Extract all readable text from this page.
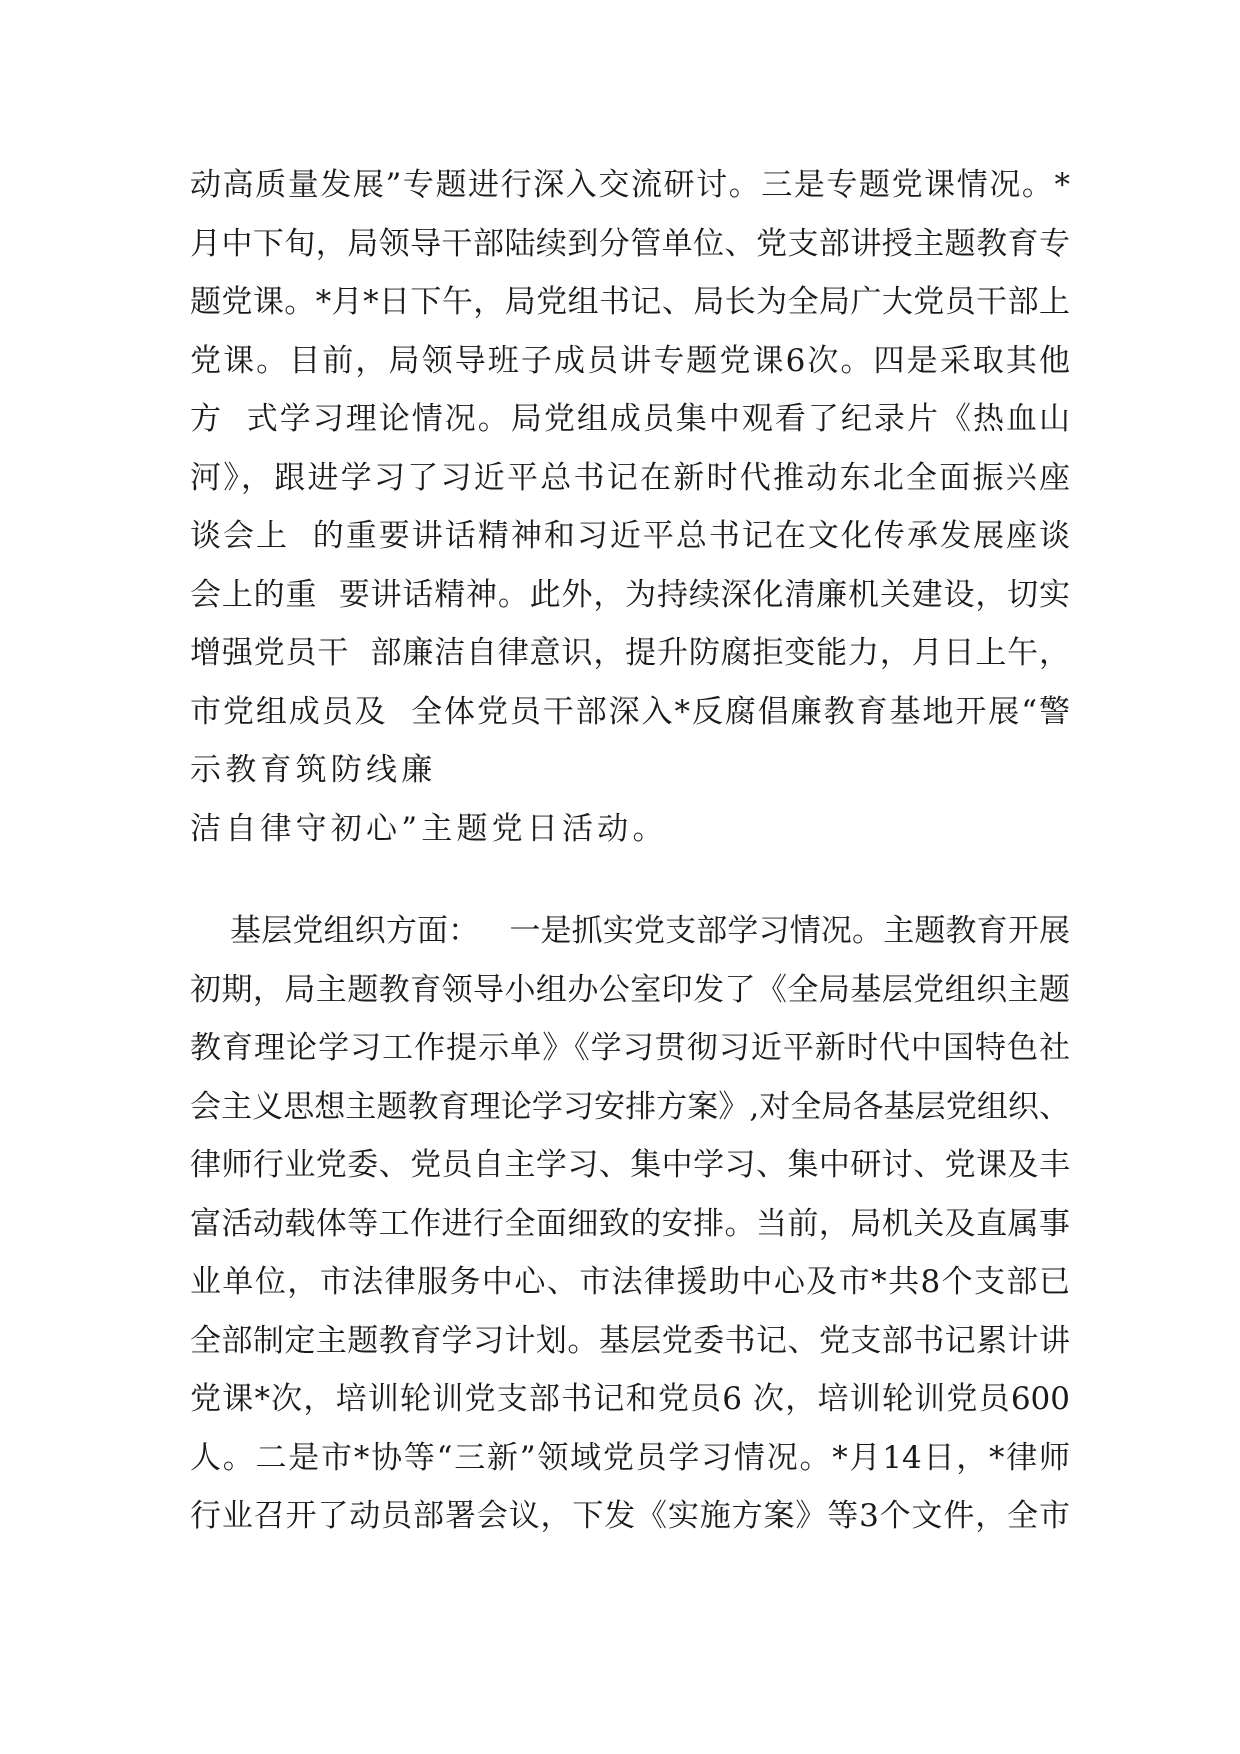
动高质量发展”专题进行深入交流研讨。三是专题党课情况。*
月中下旬，局领导干部陆续到分管单位、党支部讲授主题教育专
题党课。*月*日下午，局党组书记、局长为全局广大党员干部上
党课。目前，局领导班子成员讲专题党课6次。四是采取其他
方  式学习理论情况。局党组成员集中观看了纪录片《热血山
河》，跟进学习了习近平总书记在新时代推动东北全面振兴座
谈会上  的重要讲话精神和习近平总书记在文化传承发展座谈
会上的重  要讲话精神。此外，为持续深化清廉机关建设，切实
增强党员干  部廉洁自律意识，提升防腐拒变能力，月日上午，
市党组成员及  全体党员干部深入*反腐倡廉教育基地开展“警
示教育筑防线廉
洁自律守初心”主题党日活动。
基层党组织方面：   一是抓实党支部学习情况。主题教育开展
初期，局主题教育领导小组办公室印发了《全局基层党组织主题
教育理论学习工作提示单》《学习贯彻习近平新时代中国特色社
会主义思想主题教育理论学习安排方案》,对全局各基层党组织、
律师行业党委、党员自主学习、集中学习、集中研讨、党课及丰
富活动载体等工作进行全面细致的安排。当前，局机关及直属事
业单位，市法律服务中心、市法律援助中心及市*共8个支部已
全部制定主题教育学习计划。基层党委书记、党支部书记累计讲
党课*次，培训轮训党支部书记和党员6 次，培训轮训党员600
人。二是市*协等“三新”领域党员学习情况。*月14日，*律师
行业召开了动员部署会议，下发《实施方案》等3个文件，全市
